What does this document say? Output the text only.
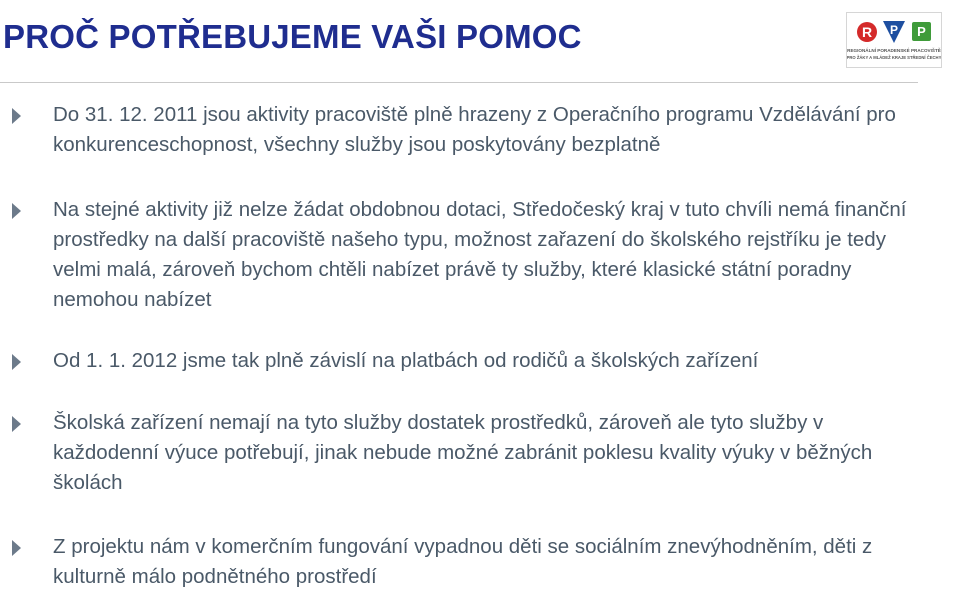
PROČ POTŘEBUJEME VAŠI POMOC	R P P
REGIONÁLNÍ PORADENSKÉ PRACOVIŠTĚ
PRO ŽÁKY A MLÁDEŽ KRAJE STŘEDNÍ ČECHY
Do 31. 12. 2011 jsou aktivity pracoviště plně hrazeny z Operačního programu Vzdělávání pro konkurenceschopnost, všechny služby jsou poskytovány bezplatně
Na stejné aktivity již nelze žádat obdobnou dotaci, Středočeský kraj v tuto chvíli nemá finanční prostředky na další pracoviště našeho typu, možnost zařazení do školského rejstříku je tedy velmi malá, zároveň bychom chtěli nabízet právě ty služby, které klasické státní poradny nemohou nabízet
Od 1. 1. 2012 jsme tak plně závislí na platbách od rodičů a školských zařízení
Školská zařízení nemají na tyto služby dostatek prostředků, zároveň ale tyto služby v každodenní výuce potřebují, jinak nebude možné zabránit poklesu kvality výuky v běžných školách
Z projektu nám v komerčním fungování vypadnou děti se sociálním znevýhodněním, děti z kulturně málo podnětného prostředí
